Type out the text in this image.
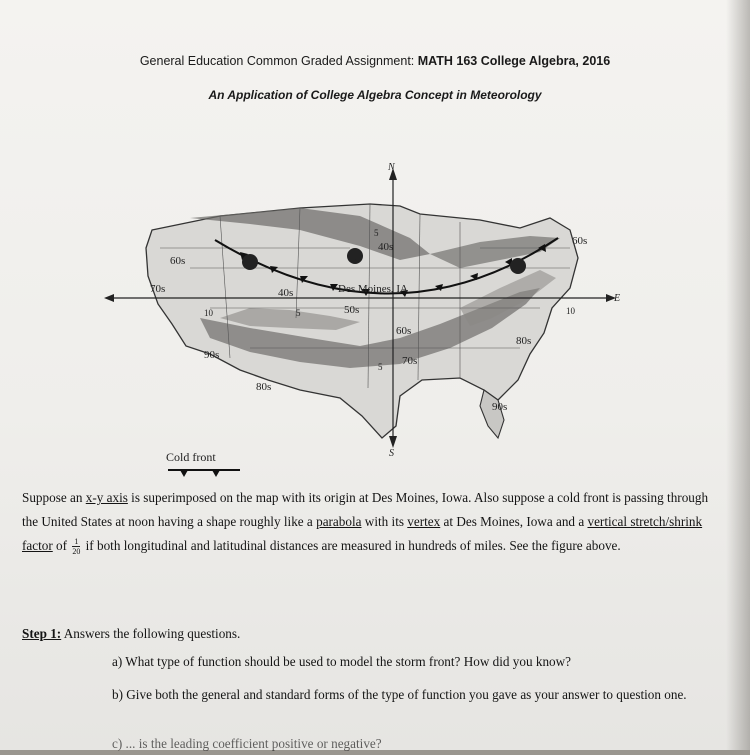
General Education Common Graded Assignment: MATH 163 College Algebra, 2016
An Application of College Algebra Concept in Meteorology
L
H
L
N
S
E
5
10	5	10
5
60s
70s	40s
40s	60s
Des Moines, IA
50s
60s
80s
90s	70s
80s
90s
Cold front
Suppose an x-y axis is superimposed on the map with its origin at Des Moines, Iowa. Also suppose a cold front is passing through the United States at noon having a shape roughly like a parabola with its vertex at Des Moines, Iowa and a vertical stretch/shrink factor of $\frac{1}{20}$ if both longitudinal and latitudinal distances are measured in hundreds of miles. See the figure above.
Step 1: Answers the following questions.
a) What type of function should be used to model the storm front? How did you know?
b) Give both the general and standard forms of the type of function you gave as your answer to question one.
c) ... is the leading coefficient positive or negative?
